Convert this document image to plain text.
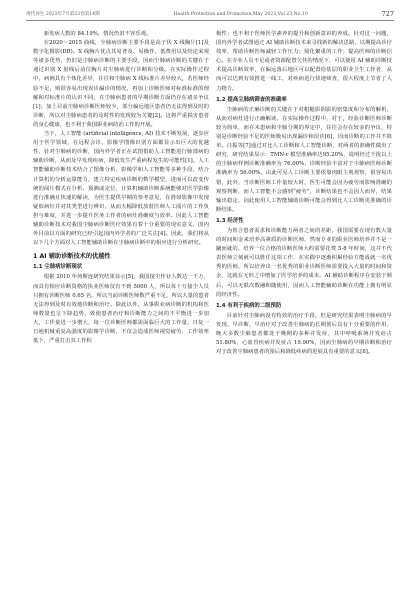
现代养生 2023年7月第23卷第14期	Health Protection and Promotion,May 2023,Vol.23,No.10	727

新发病人数的 84.19%，情况仍旧不容乐观。

在2020～2015 曲线，全肺病诊断主要手段是高子伏 X 线胸片[1]及数字化摄影(DR)。X 线胸片优点其易普及、易操作、低费用以及结论来观等诸多优势，仍旧是尘肺病诊断的主要手段，因而尘肺病诊断的关键在于通过识别 X 射线后前位胸片对尘肺病进行诊断和分级。在实际操作过程中，病例具有个体化差异，往往和尘肺病 X 线标准片差异较大，若医师经验不足，则很容易出现误诊漏诊的情况，再加上诊断医师对标准标准的理解和对标准片的认识不同，在尘肺病患者的早期诊断方面仍存在诸多争议[1]；加上目前尘肺病诊断医师较少，部分偏远地区患者仍无法得到及时的诊断，所以对尘肺病患者的及时性的发现较为关键[2]。这将严重损害患者的身心健康，也不利于我国职业病防治工作的开展。

当下，人工智能 (artificial intelligence, AI) 技术不断发展，逐步应用于医学领域，在远程会诊、影像学图像识别方面都显示出巨大的优越性，针对尘肺病的诊断，国内外学者正在试图借助人工智能进行肺部病的辅助诊断，从而及早发现疾病，降低发生严重病程发生的可能性[1]。人工智能辅助诊断技术结合了图像分析、影像学和人工智能等多种手段，结合计算机的分析运算能力，建立特定疾病诊断的数学模型，进而可以改变传统的阅片模式在分析、预测或定位，计算机辅助诊断系统能够对医学影像进行准确且快速的解读，为医生提供早期的参考意见，在准如影像中发现疑似病灶并对其类型进行辨识，从而大幅降低放射医师人工阅片的工作负担与难度，并进一步提升医务工作者的病灶准确度与效率。因此人工智能辅助诊断技术对我国尘肺病诊断医疗效果有着十分重要的现实意义，国内外目前以方面的研究已经引起国内外学者的广泛关注[4]。因此，我们将从以下几个方面对人工智能辅助诊断在尘肺病诊断中的相应进行分析研究。

1 AI 辅助诊断技术的优越性
1.1 尘肺病诊断现状

根据 2010 年何斯连研究结果显示[5]，我国接尘作业人数达一千万，而具有相应诊断资格的执业医师仅有不到 5000 人，所以每十万接尘人员只拥有诊断医师 0.65 名，所以当前诊断医师数严重不足，所以大量的患者无法得到及时有效地诊断和治疗。除此以外，从事职业病诊断的机构和医师数量也呈下降趋势，致使患者治疗和诊断能力之间的不平衡进一步加大，工作量进一步增大，每一位诊断医师都需面临巨大的工作量，日复一日地机械重复高强度的影像学诊断，不仅会造成医师视觉疲劳、工作效率低下，严重打击其工作积

极性；也不利于医师医学素养的提升和创新意识的养成。针对这一问题，国内外学者试图通过 AI 辅助诊断技术来寻找新的解决思路，以期提高诊疗效率，帮助诊断医师减轻工作压力；简化繁重的工作；提高医师的诊断信心。在专业人员不足或者资源配置欠佳的情况下，可以使用 AI 辅助诊断技术提高诊断效率，在偏远落后地区可以配置给基层的职业卫生工作者，从而可以达到有效推进一线工，对疾病进行快速筛查，很大程度上节省了人力物力。

1.2 提高尘肺病筛查的准确率

尘肺病的正确诊断的关键在于对粗糙影阴影的密集度和分布的解析，从而对病灶进行正确解读。在实际操作过程中，对于，经验诊断医师诊断较为简单，而在未患病和尘肺分期的界定中，往往会存在较多的争议，特别是诊断经验不足的医师极易出现漏诊和误诊[6]，因而诊断的工作并不简单。汪振等[7]通过对比人工诊断和人工智能诊断，对两者的准确性做出了研究，研究结果显示：TMN-r 模型准确率达95.20%，说明经过干扰以上的尘肺病样例诊断准确率为 76.00%，诊断经验丰富对于尘肺病医师诊断准确率为 56.00%。由此可见人工诊断主要依靠肉眼主观观察，很容易出错，此外，当诊断医师工作量较大时，医生可能会因为疲劳而影响准确的观察判断，而人工智能不会感到“疲劳”，诊断结果也不会因人而异，结果输出稳定、因此使用人工智能辅助诊断可能会得到比人工诊断更准确的诊断结果。

1.3 经济性

为帮合患者需求和诊断能力两者之间的差距，我国需要在现有数大量的时间和金来培养高素质的诊断医师，然而专业的职业医师培养并不是一蹴而就的，培养一位合格的诊断医师大约需要花费 5-8 年时间，这并不代表医师立刻就可以胜任这项工作，在实践中逐渐积累经验方能成就一名优秀的医师，所以培养出一名优秀的职业诊断医师需要投入大量的时间和资金，这就在无形之中增加了医学培养的成本。AI 辅助诊断程序在安装于颜后，可以无限次数融和随使用，因而人工智能辅助诊断在功能上拥有明显的经济性。

1.4 有利于疾病的二级预防

目前针对尘肺病没有特效的治疗手段，但是研究结果表明尘肺病的早发现、早诊断、早治疗对于改善尘肺病的长期预后具有十分重要的作用，晚大多数尘肺患者都处于晚期的多种并发症，其中呼吸系统并发症占 51.80%，心血管疾病并发症占 19.90%，因而尘肺病的早期诊断和治疗对于改善尘肺病患者的预后和降低疾病的进展具有重要的意义[8]。
